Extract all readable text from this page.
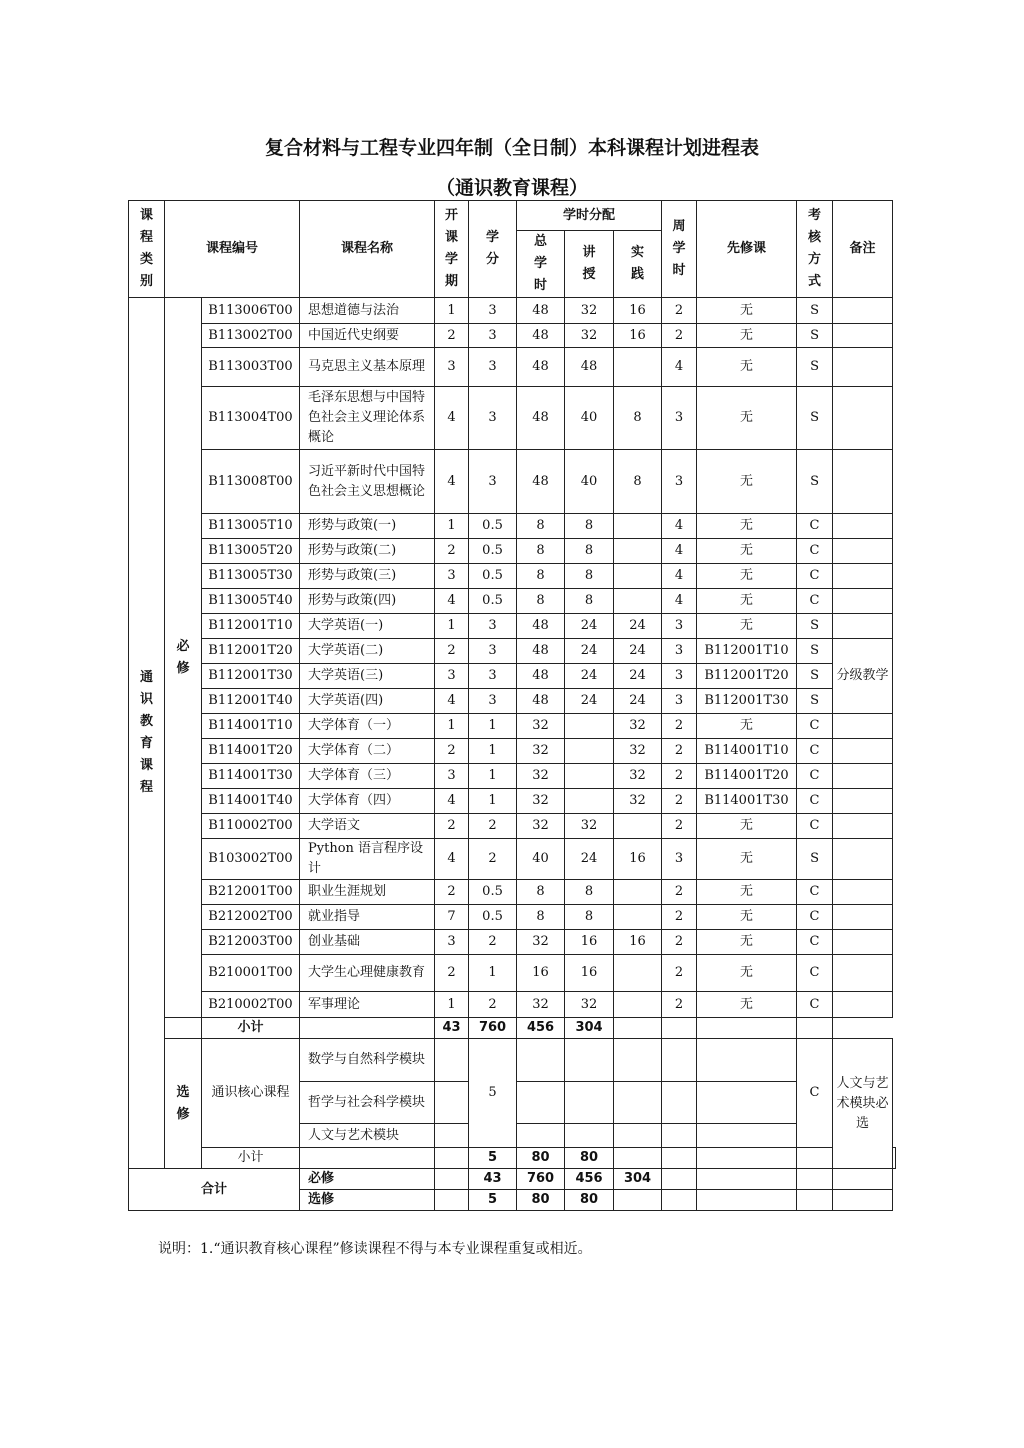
复合材料与工程专业四年制（全日制）本科课程计划进程表
（通识教育课程）
课程类别	课程编号		课程名称	开课学期	学分	学时分配			周学时	先修课	考核方式	备注	
						总学时	讲授	实践					
通识教育课程	必修	B113006T00	思想道德与法治	1	3	48	32	16	2	无	S		
		B113002T00	中国近代史纲要	2	3	48	32	16	2	无	S		
		B113003T00	马克思主义基本原理	3	3	48	48		4	无	S		
		B113004T00	毛泽东思想与中国特色社会主义理论体系概论	4	3	48	40	8	3	无	S		
		B113008T00	习近平新时代中国特色社会主义思想概论	4	3	48	40	8	3	无	S		
		B113005T10	形势与政策(一)	1	0.5	8	8		4	无	C		
		B113005T20	形势与政策(二)	2	0.5	8	8		4	无	C		
		B113005T30	形势与政策(三)	3	0.5	8	8		4	无	C		
		B113005T40	形势与政策(四)	4	0.5	8	8		4	无	C		
		B112001T10	大学英语(一)	1	3	48	24	24	3	无	S		
		B112001T20	大学英语(二)	2	3	48	24	24	3	B112001T10	S	分级教学	
		B112001T30	大学英语(三)	3	3	48	24	24	3	B112001T20	S		
		B112001T40	大学英语(四)	4	3	48	24	24	3	B112001T30	S		
		B114001T10	大学体育（一）	1	1	32		32	2	无	C		
		B114001T20	大学体育（二）	2	1	32		32	2	B114001T10	C		
		B114001T30	大学体育（三）	3	1	32		32	2	B114001T20	C		
		B114001T40	大学体育（四）	4	1	32		32	2	B114001T30	C		
		B110002T00	大学语文	2	2	32	32		2	无	C		
		B103002T00	Python 语言程序设计	4	2	40	24	16	3	无	S		
		B212001T00	职业生涯规划	2	0.5	8	8		2	无	C		
		B212002T00	就业指导	7	0.5	8	8		2	无	C		
		B212003T00	创业基础	3	2	32	16	16	2	无	C		
		B210001T00	大学生心理健康教育	2	1	16	16		2	无	C		
		B210002T00	军事理论	1	2	32	32		2	无	C		
		小计		43	760	456	304						
	选修	通识核心课程	数学与自然科学模块		5						C	人文与艺术模块必选	
			哲学与社会科学模块										
			人文与艺术模块										
		小计			5	80	80						
合计			必修		43	760	456	304					
			选修		5	80	80						
说明：1.“通识教育核心课程”修读课程不得与本专业课程重复或相近。
